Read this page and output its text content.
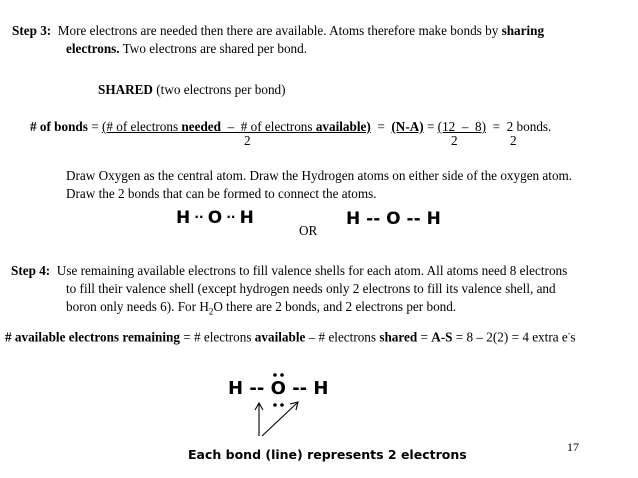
Step 3: More electrons are needed then there are available. Atoms therefore make bonds by sharing
electrons. Two electrons are shared per bond.
SHARED (two electrons per bond)
# of bonds = (# of electrons needed – # of electrons available) = (N-A) = (12  –  8) = 2 bonds.
2	2	2
Draw Oxygen as the central atom. Draw the Hydrogen atoms on either side of the oxygen atom.
Draw the 2 bonds that can be formed to connect the atoms.
H ·· O ·· H
OR
H -- O -- H
Step 4: Use remaining available electrons to fill valence shells for each atom. All atoms need 8 electrons
to fill their valence shell (except hydrogen needs only 2 electrons to fill its valence shell, and
boron only needs 6). For $H_2O$ there are 2 bonds, and 2 electrons per bond.
# available electrons remaining = # electrons available – # electrons shared = A-S = 8 – 2(2) = 4 extra e-s
H -- O -- H
Each bond (line) represents 2 electrons	17
